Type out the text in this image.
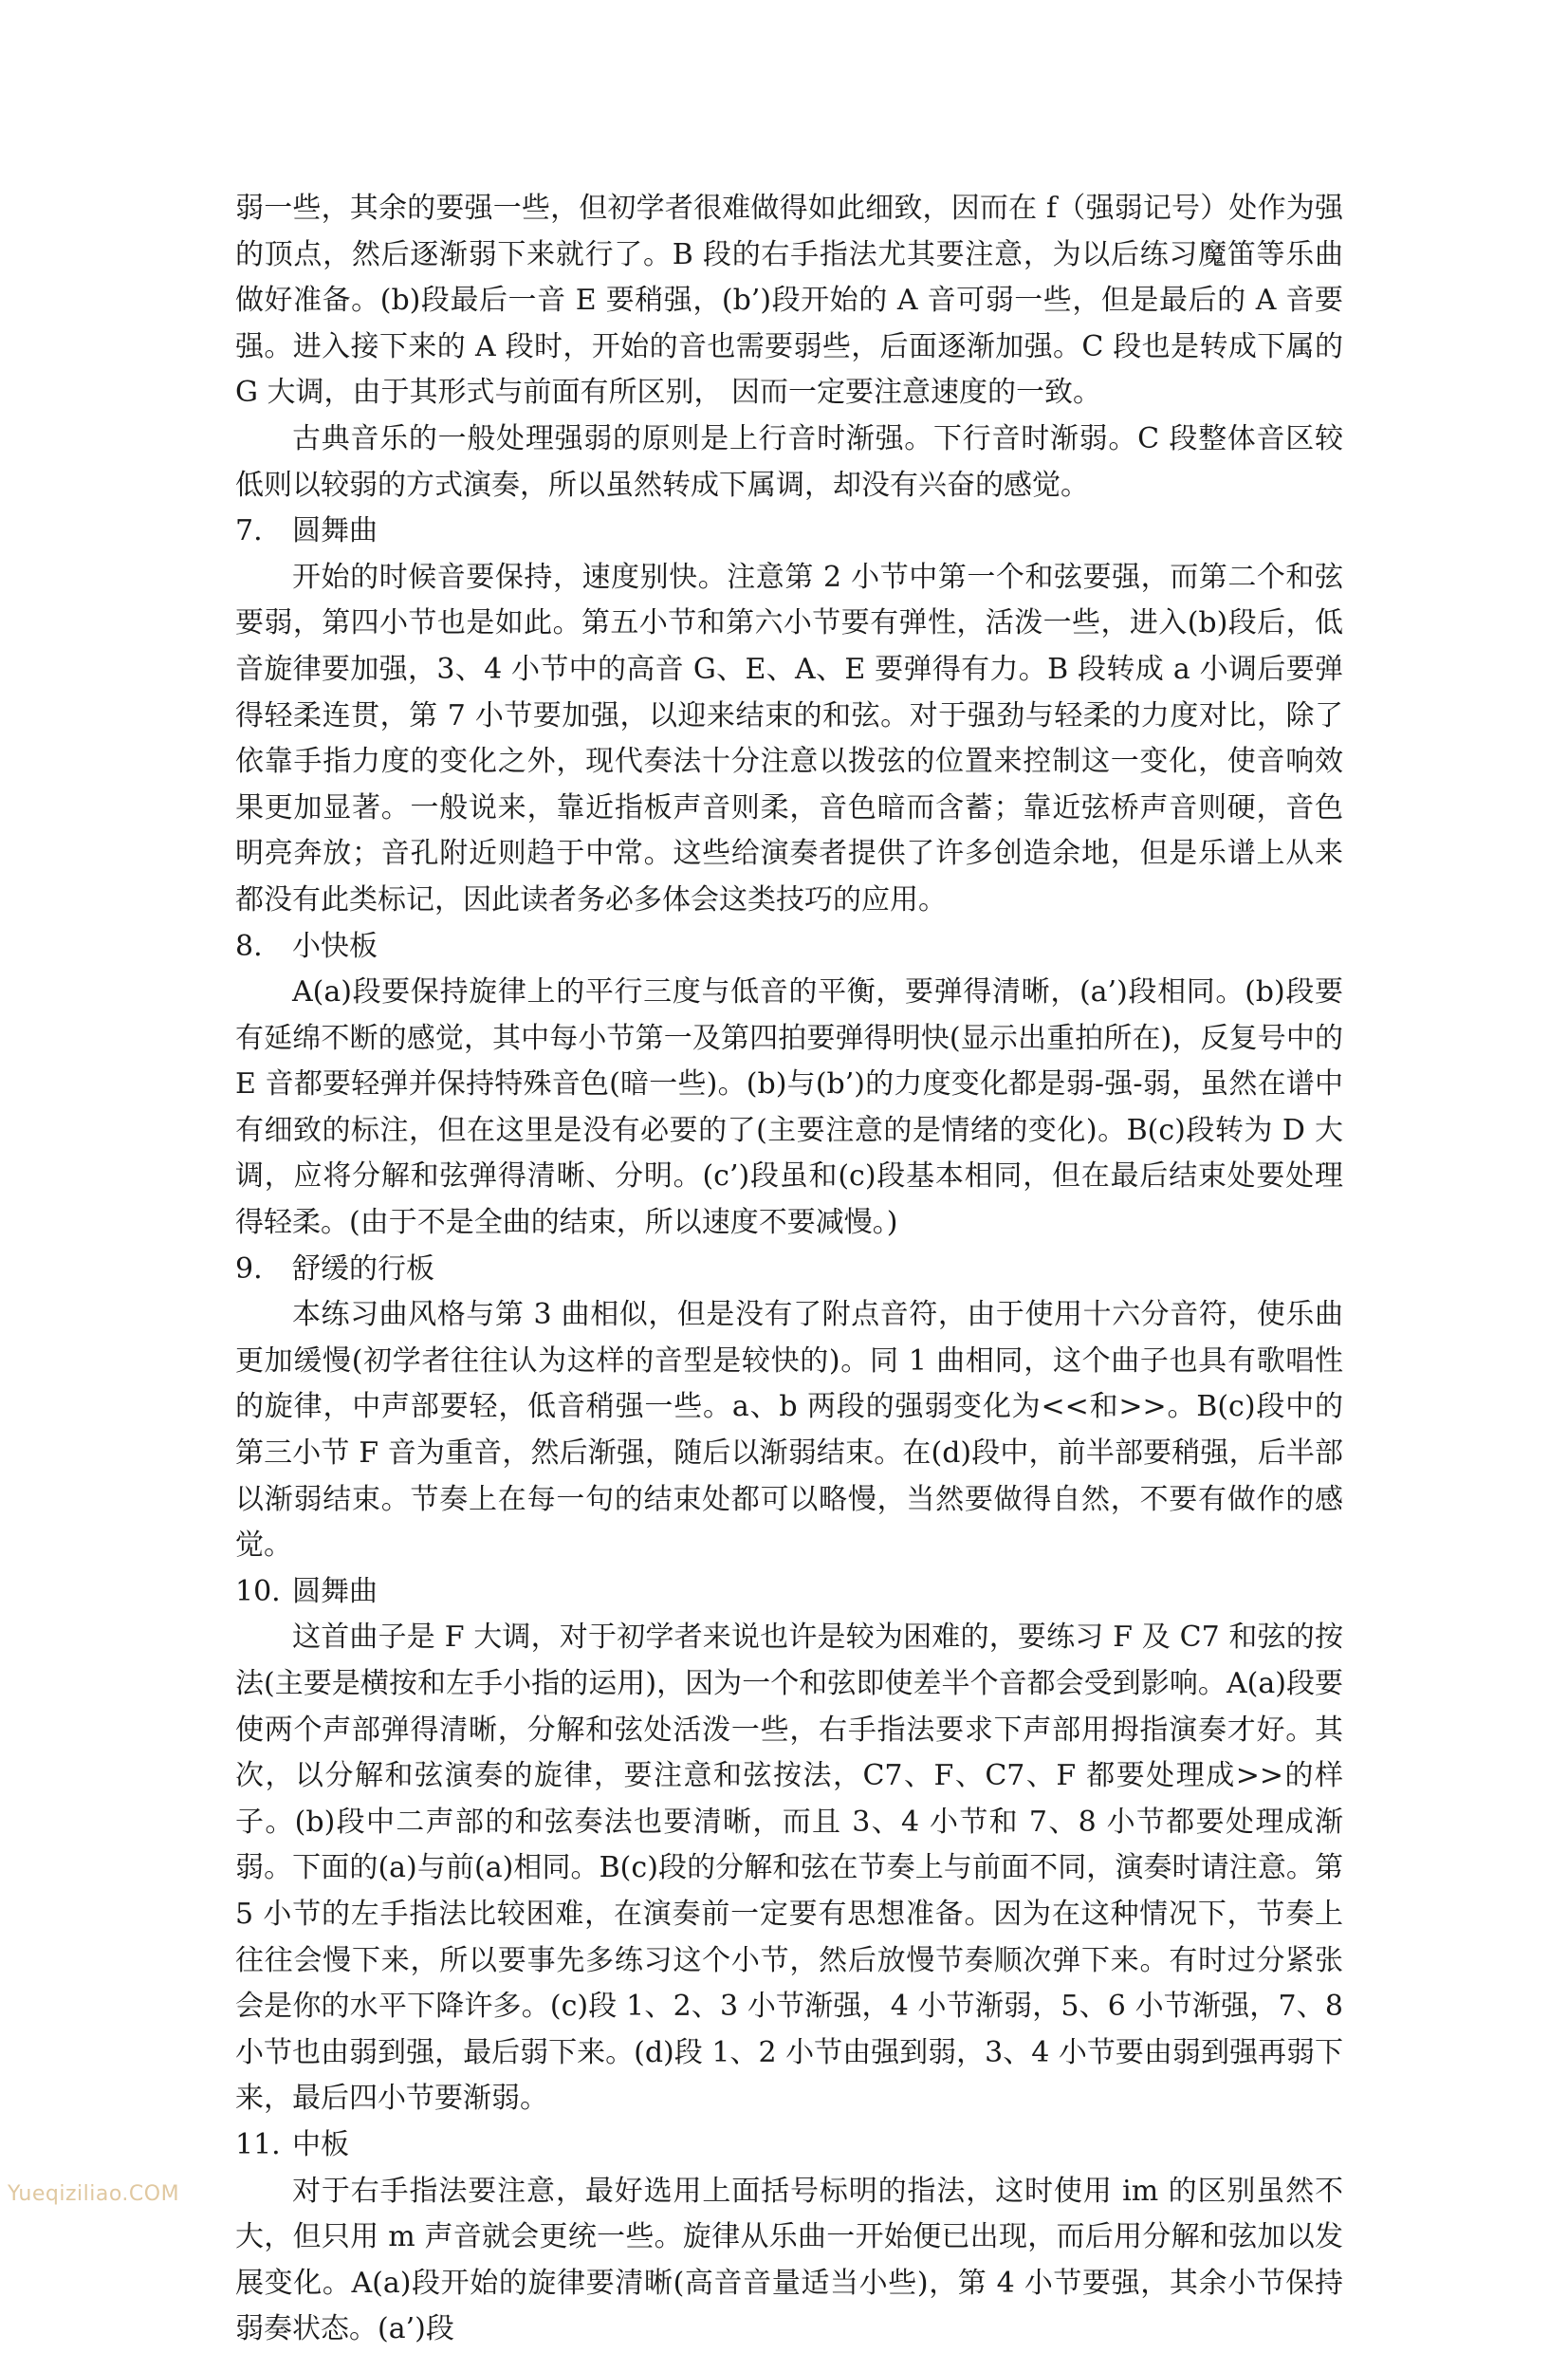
弱一些，其余的要强一些，但初学者很难做得如此细致，因而在 f（强弱记号）处作为强的顶点，然后逐渐弱下来就行了。B 段的右手指法尤其要注意，为以后练习魔笛等乐曲做好准备。(b)段最后一音 E 要稍强，(b’)段开始的 A 音可弱一些，但是最后的 A 音要强。进入接下来的 A 段时，开始的音也需要弱些，后面逐渐加强。C 段也是转成下属的 G 大调，由于其形式与前面有所区别， 因而一定要注意速度的一致。

古典音乐的一般处理强弱的原则是上行音时渐强。下行音时渐弱。C 段整体音区较低则以较弱的方式演奏，所以虽然转成下属调，却没有兴奋的感觉。

7. 圆舞曲

开始的时候音要保持，速度别快。注意第 2 小节中第一个和弦要强，而第二个和弦要弱，第四小节也是如此。第五小节和第六小节要有弹性，活泼一些，进入(b)段后，低音旋律要加强，3、4 小节中的高音 G、E、A、E 要弹得有力。B 段转成 a 小调后要弹得轻柔连贯，第 7 小节要加强，以迎来结束的和弦。对于强劲与轻柔的力度对比，除了依靠手指力度的变化之外，现代奏法十分注意以拨弦的位置来控制这一变化，使音响效果更加显著。一般说来，靠近指板声音则柔，音色暗而含蓄；靠近弦桥声音则硬，音色明亮奔放；音孔附近则趋于中常。这些给演奏者提供了许多创造余地，但是乐谱上从来都没有此类标记，因此读者务必多体会这类技巧的应用。

8. 小快板

A(a)段要保持旋律上的平行三度与低音的平衡，要弹得清晰，(a’)段相同。(b)段要有延绵不断的感觉，其中每小节第一及第四拍要弹得明快(显示出重拍所在)，反复号中的 E 音都要轻弹并保持特殊音色(暗一些)。(b)与(b’)的力度变化都是弱-强-弱，虽然在谱中有细致的标注，但在这里是没有必要的了(主要注意的是情绪的变化)。B(c)段转为 D 大调，应将分解和弦弹得清晰、分明。(c’)段虽和(c)段基本相同，但在最后结束处要处理得轻柔。(由于不是全曲的结束，所以速度不要减慢。)

9. 舒缓的行板

本练习曲风格与第 3 曲相似，但是没有了附点音符，由于使用十六分音符，使乐曲更加缓慢(初学者往往认为这样的音型是较快的)。同 1 曲相同，这个曲子也具有歌唱性的旋律，中声部要轻，低音稍强一些。a、b 两段的强弱变化为<<和>>。B(c)段中的第三小节 F 音为重音，然后渐强，随后以渐弱结束。在(d)段中，前半部要稍强，后半部以渐弱结束。节奏上在每一句的结束处都可以略慢，当然要做得自然，不要有做作的感觉。

10. 圆舞曲

这首曲子是 F 大调，对于初学者来说也许是较为困难的，要练习 F 及 C7 和弦的按法(主要是横按和左手小指的运用)，因为一个和弦即使差半个音都会受到影响。A(a)段要使两个声部弹得清晰，分解和弦处活泼一些，右手指法要求下声部用拇指演奏才好。其次，以分解和弦演奏的旋律，要注意和弦按法，C7、F、C7、F 都要处理成>>的样子。(b)段中二声部的和弦奏法也要清晰，而且 3、4 小节和 7、8 小节都要处理成渐弱。下面的(a)与前(a)相同。B(c)段的分解和弦在节奏上与前面不同，演奏时请注意。第 5 小节的左手指法比较困难，在演奏前一定要有思想准备。因为在这种情况下，节奏上往往会慢下来，所以要事先多练习这个小节，然后放慢节奏顺次弹下来。有时过分紧张会是你的水平下降许多。(c)段 1、2、3 小节渐强，4 小节渐弱，5、6 小节渐强，7、8 小节也由弱到强，最后弱下来。(d)段 1、2 小节由强到弱，3、4 小节要由弱到强再弱下来，最后四小节要渐弱。

11. 中板

对于右手指法要注意，最好选用上面括号标明的指法，这时使用 im 的区别虽然不大，但只用 m 声音就会更统一些。旋律从乐曲一开始便已出现，而后用分解和弦加以发展变化。A(a)段开始的旋律要清晰(高音音量适当小些)，第 4 小节要强，其余小节保持弱奏状态。(a’)段

Yueqiziliao.COM
